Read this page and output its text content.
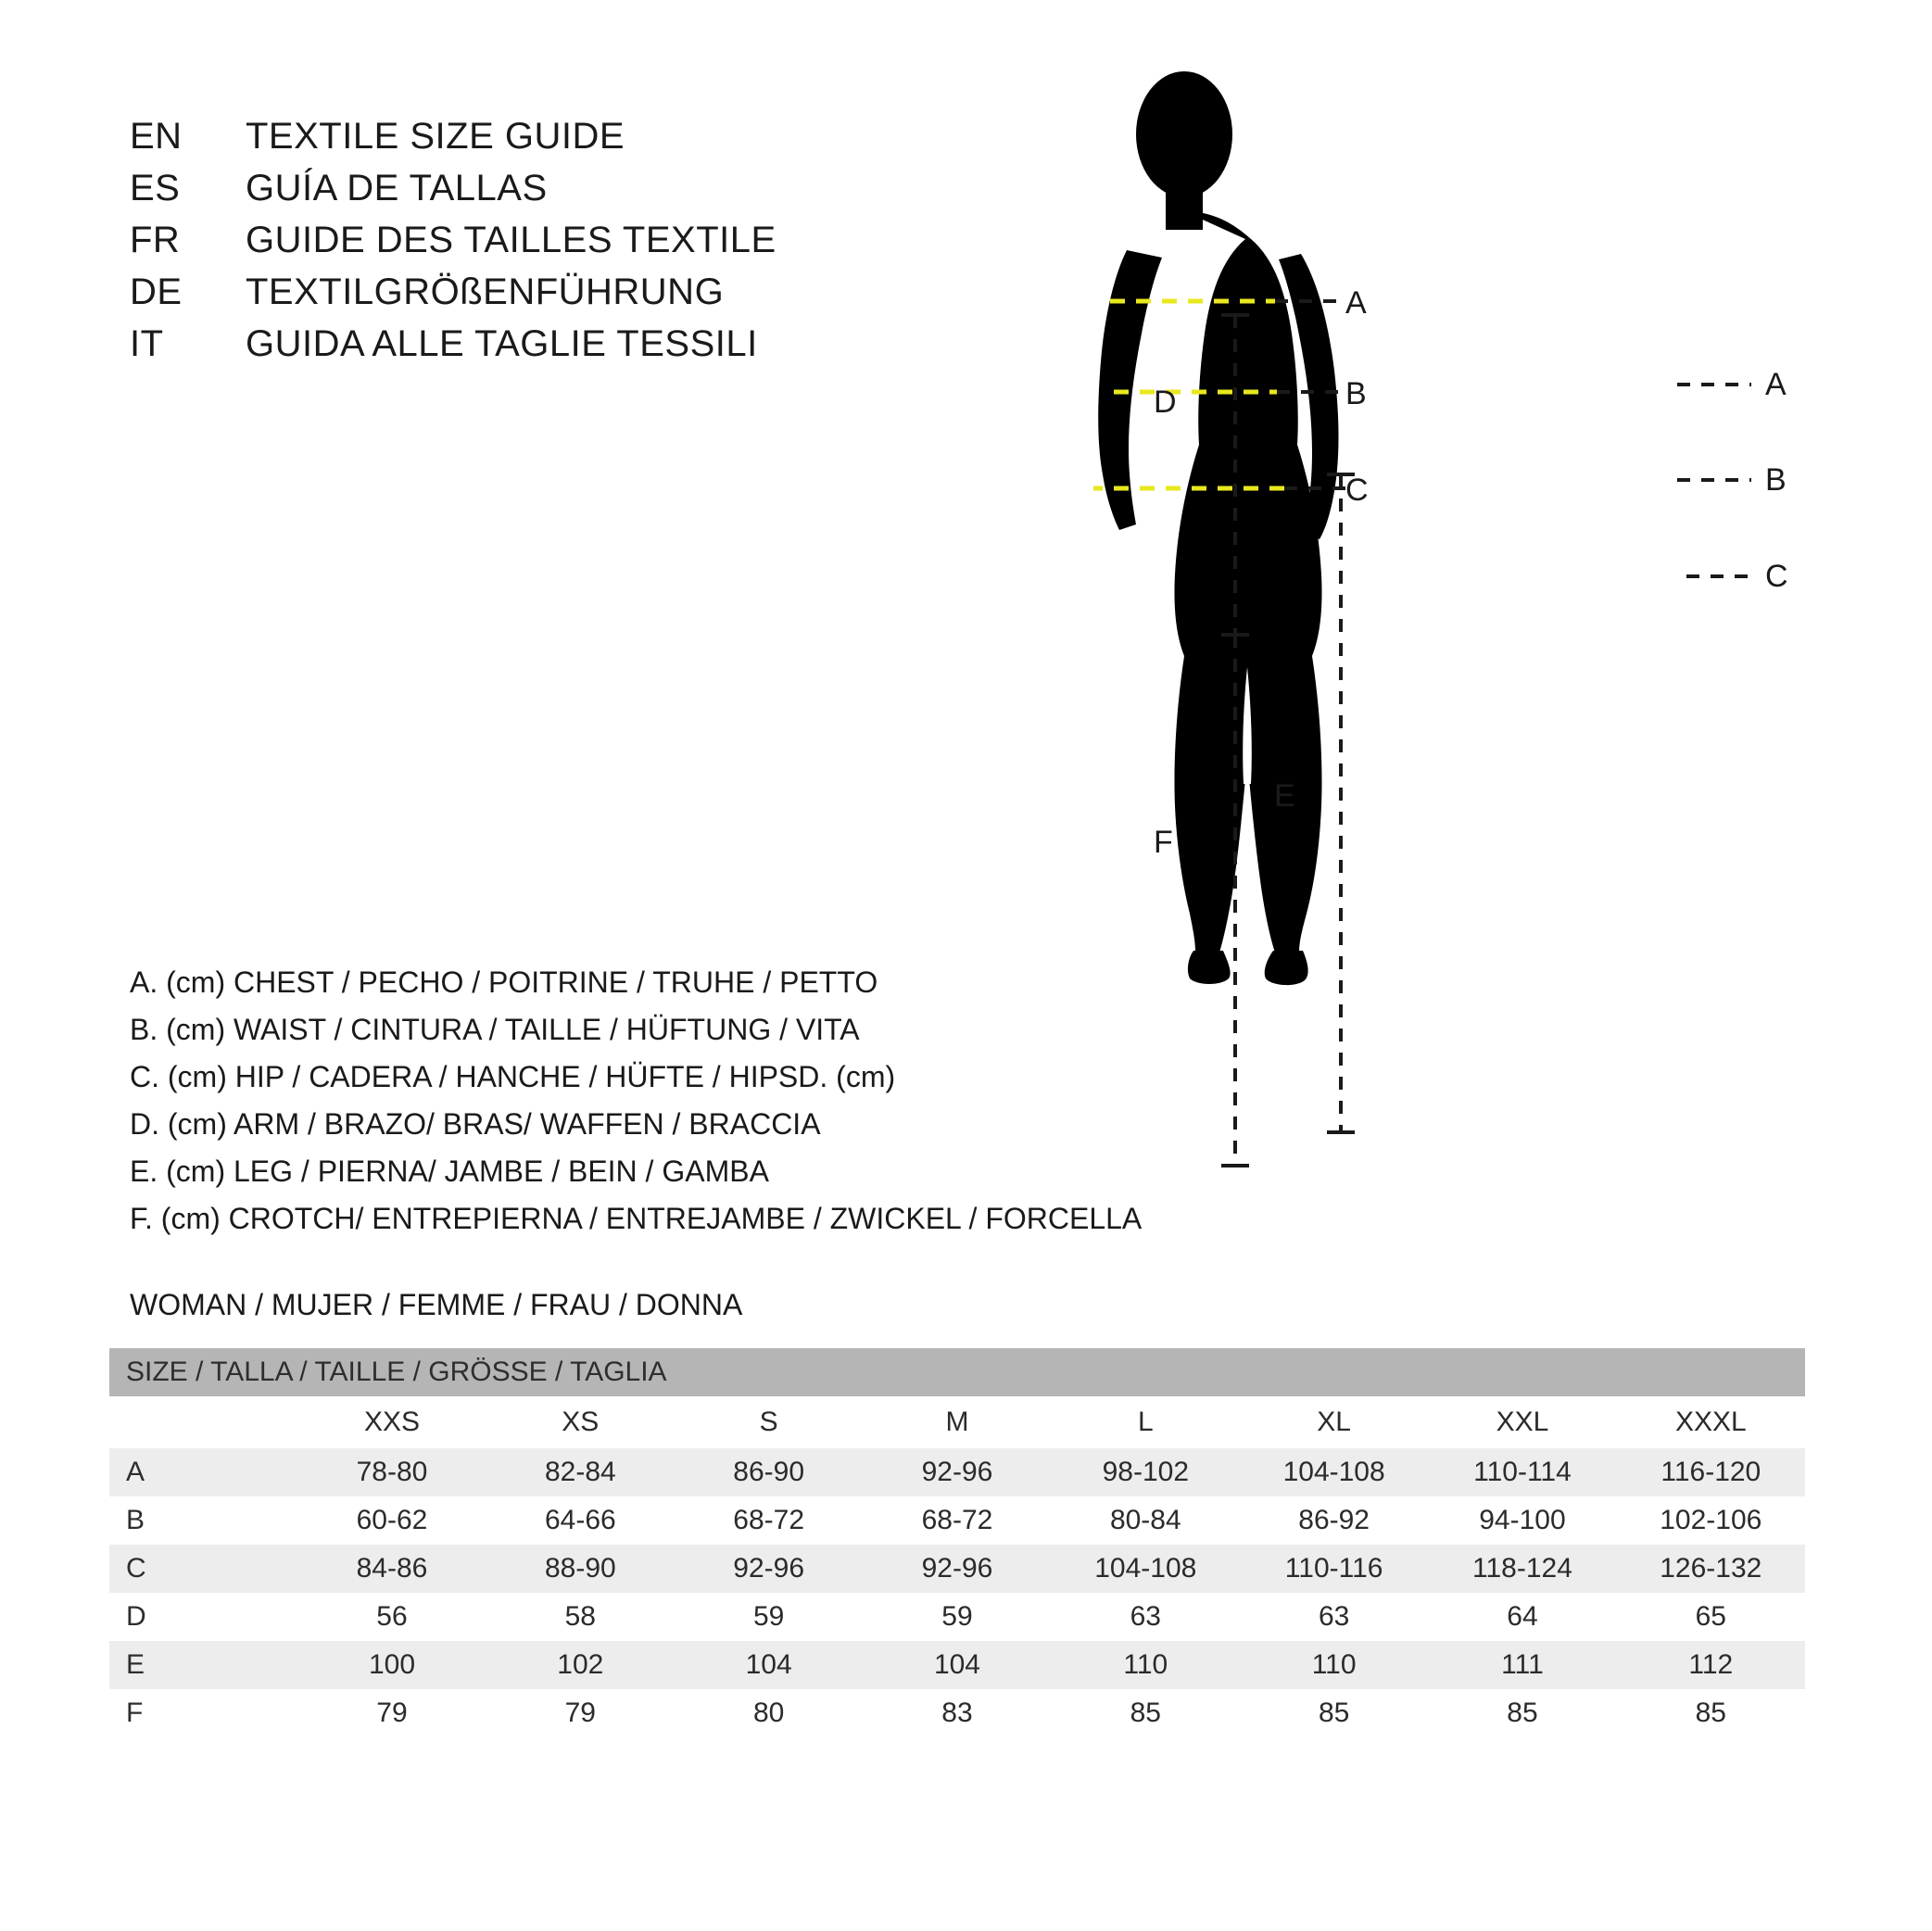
EN	TEXTILE SIZE GUIDE
ES	GUÍA DE TALLAS
FR	GUIDE DES TAILLES TEXTILE
DE	TEXTILGRÖßENFÜHRUNG
IT	GUIDA ALLE TAGLIE TESSILI
A
B
C
D
E
F
A
B
C
A. (cm) CHEST / PECHO / POITRINE / TRUHE / PETTO
B. (cm) WAIST / CINTURA / TAILLE / HÜFTUNG / VITA
C. (cm) HIP / CADERA / HANCHE / HÜFTE / HIPSD. (cm)
D. (cm) ARM / BRAZO/ BRAS/ WAFFEN / BRACCIA
E. (cm) LEG / PIERNA/ JAMBE / BEIN / GAMBA
F. (cm) CROTCH/ ENTREPIERNA / ENTREJAMBE / ZWICKEL / FORCELLA
WOMAN / MUJER / FEMME / FRAU / DONNA
SIZE / TALLA / TAILLE / GRÖSSE / TAGLIA								
	XXS	XS	S	M	L	XL	XXL	XXXL
A	78-80	82-84	86-90	92-96	98-102	104-108	110-114	116-120
B	60-62	64-66	68-72	68-72	80-84	86-92	94-100	102-106
C	84-86	88-90	92-96	92-96	104-108	110-116	118-124	126-132
D	56	58	59	59	63	63	64	65
E	100	102	104	104	110	110	111	112
F	79	79	80	83	85	85	85	85
